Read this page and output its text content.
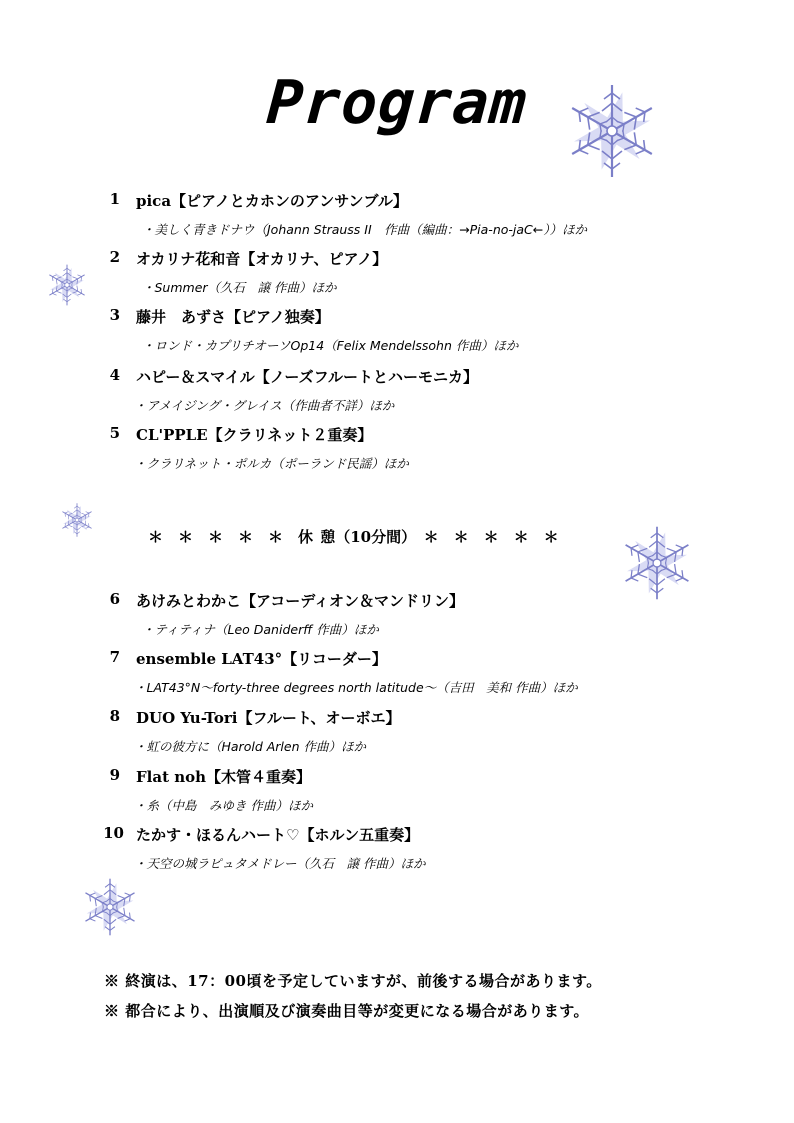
Program
1 pica【ピアノとカホンのアンサンブル】
・美しく青きドナウ（Johann Strauss II　作曲（編曲：→Pia-no-jaC←））ほか
2 オカリナ花和音【オカリナ、ピアノ】
・Summer（久石　譲 作曲）ほか
3 藤井　あずさ【ピアノ独奏】
・ロンド・カプリチオーソOp14（Felix Mendelssohn 作曲）ほか
4 ハピー＆スマイル【ノーズフルートとハーモニカ】
・アメイジング・グレイス（作曲者不詳）ほか
5 CL'PPLE【クラリネット２重奏】
・クラリネット・ポルカ（ポーランド民謡）ほか
＊　＊　＊　＊　＊　休 憩（10分間）　＊　＊　＊　＊　＊
6 あけみとわかこ【アコーディオン＆マンドリン】
・ティティナ（Leo Daniderff 作曲）ほか
7 ensemble LAT43°【リコーダー】
・LAT43°N～forty-three degrees north latitude～（吉田　美和 作曲）ほか
8 DUO Yu-Tori【フルート、オーボエ】
・虹の彼方に（Harold Arlen 作曲）ほか
9 Flat noh【木管４重奏】
・糸（中島　みゆき 作曲）ほか
10 たかす・ほるんハート♡【ホルン五重奏】
・天空の城ラピュタメドレー（久石　譲 作曲）ほか
※ 終演は、17：00頃を予定していますが、前後する場合があります。
※ 都合により、出演順及び演奏曲目等が変更になる場合があります。
